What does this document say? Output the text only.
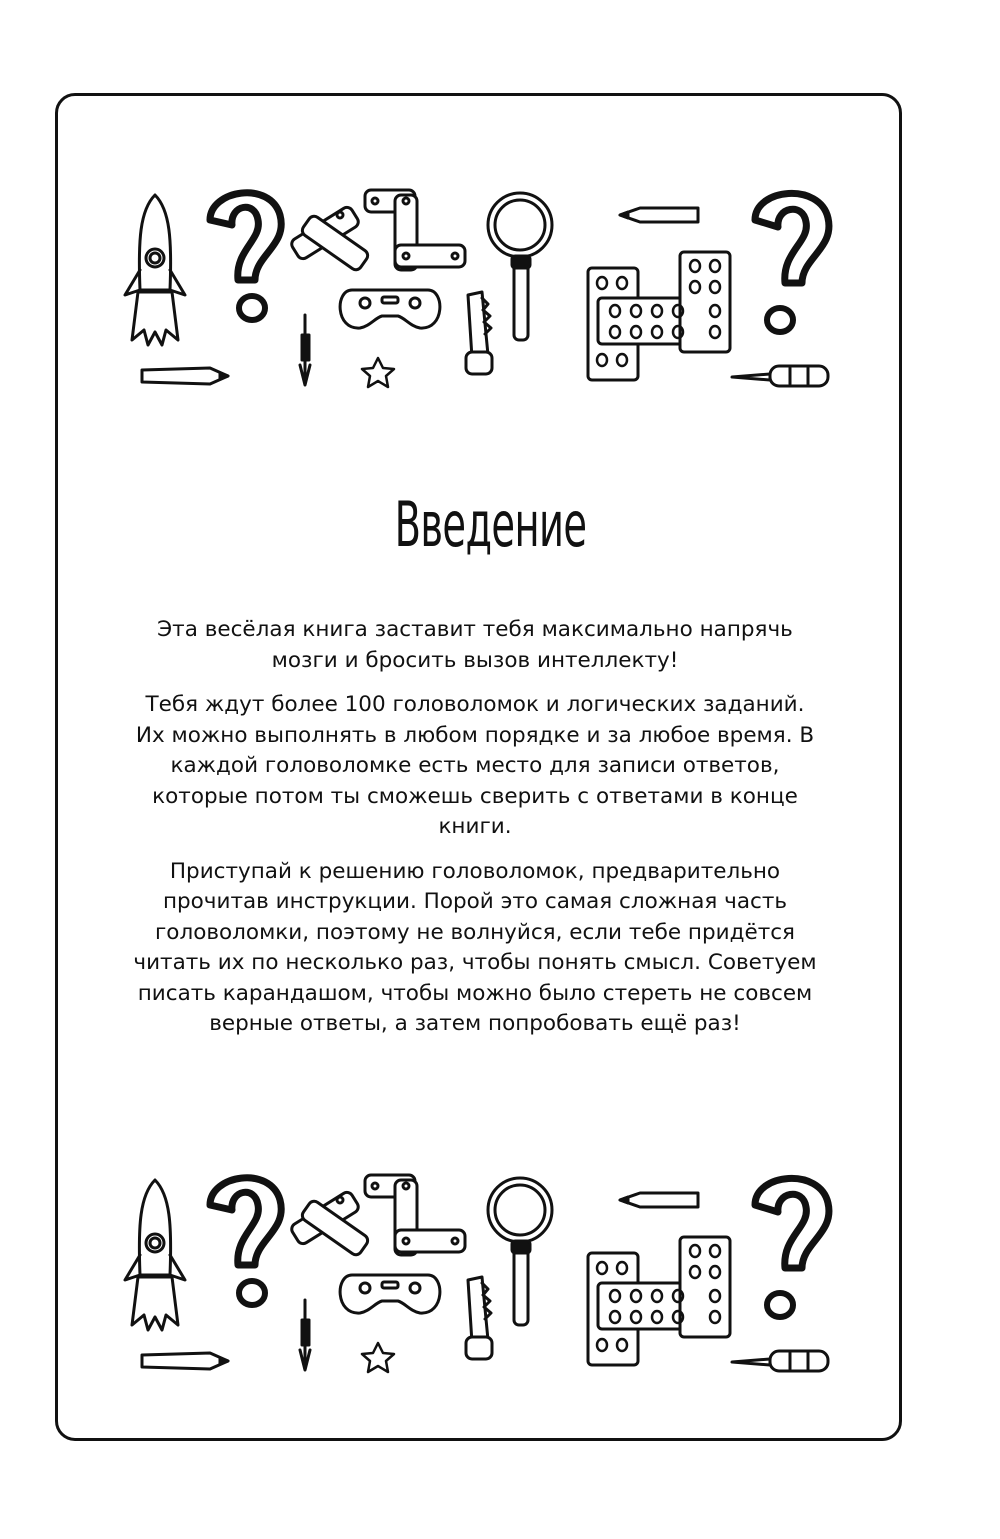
Введение

Эта весёлая книга заставит тебя максимально напрячь мозги и бросить вызов интеллекту!

Тебя ждут более 100 головоломок и логических заданий. Их можно выполнять в любом порядке и за любое время. В каждой головоломке есть место для записи ответов, которые потом ты сможешь сверить с ответами в конце книги.

Приступай к решению головоломок, предварительно прочитав инструкции. Порой это самая сложная часть головоломки, поэтому не волнуйся, если тебе придётся читать их по несколько раз, чтобы понять смысл. Советуем писать карандашом, чтобы можно было стереть не совсем верные ответы, а затем попробовать ещё раз!
